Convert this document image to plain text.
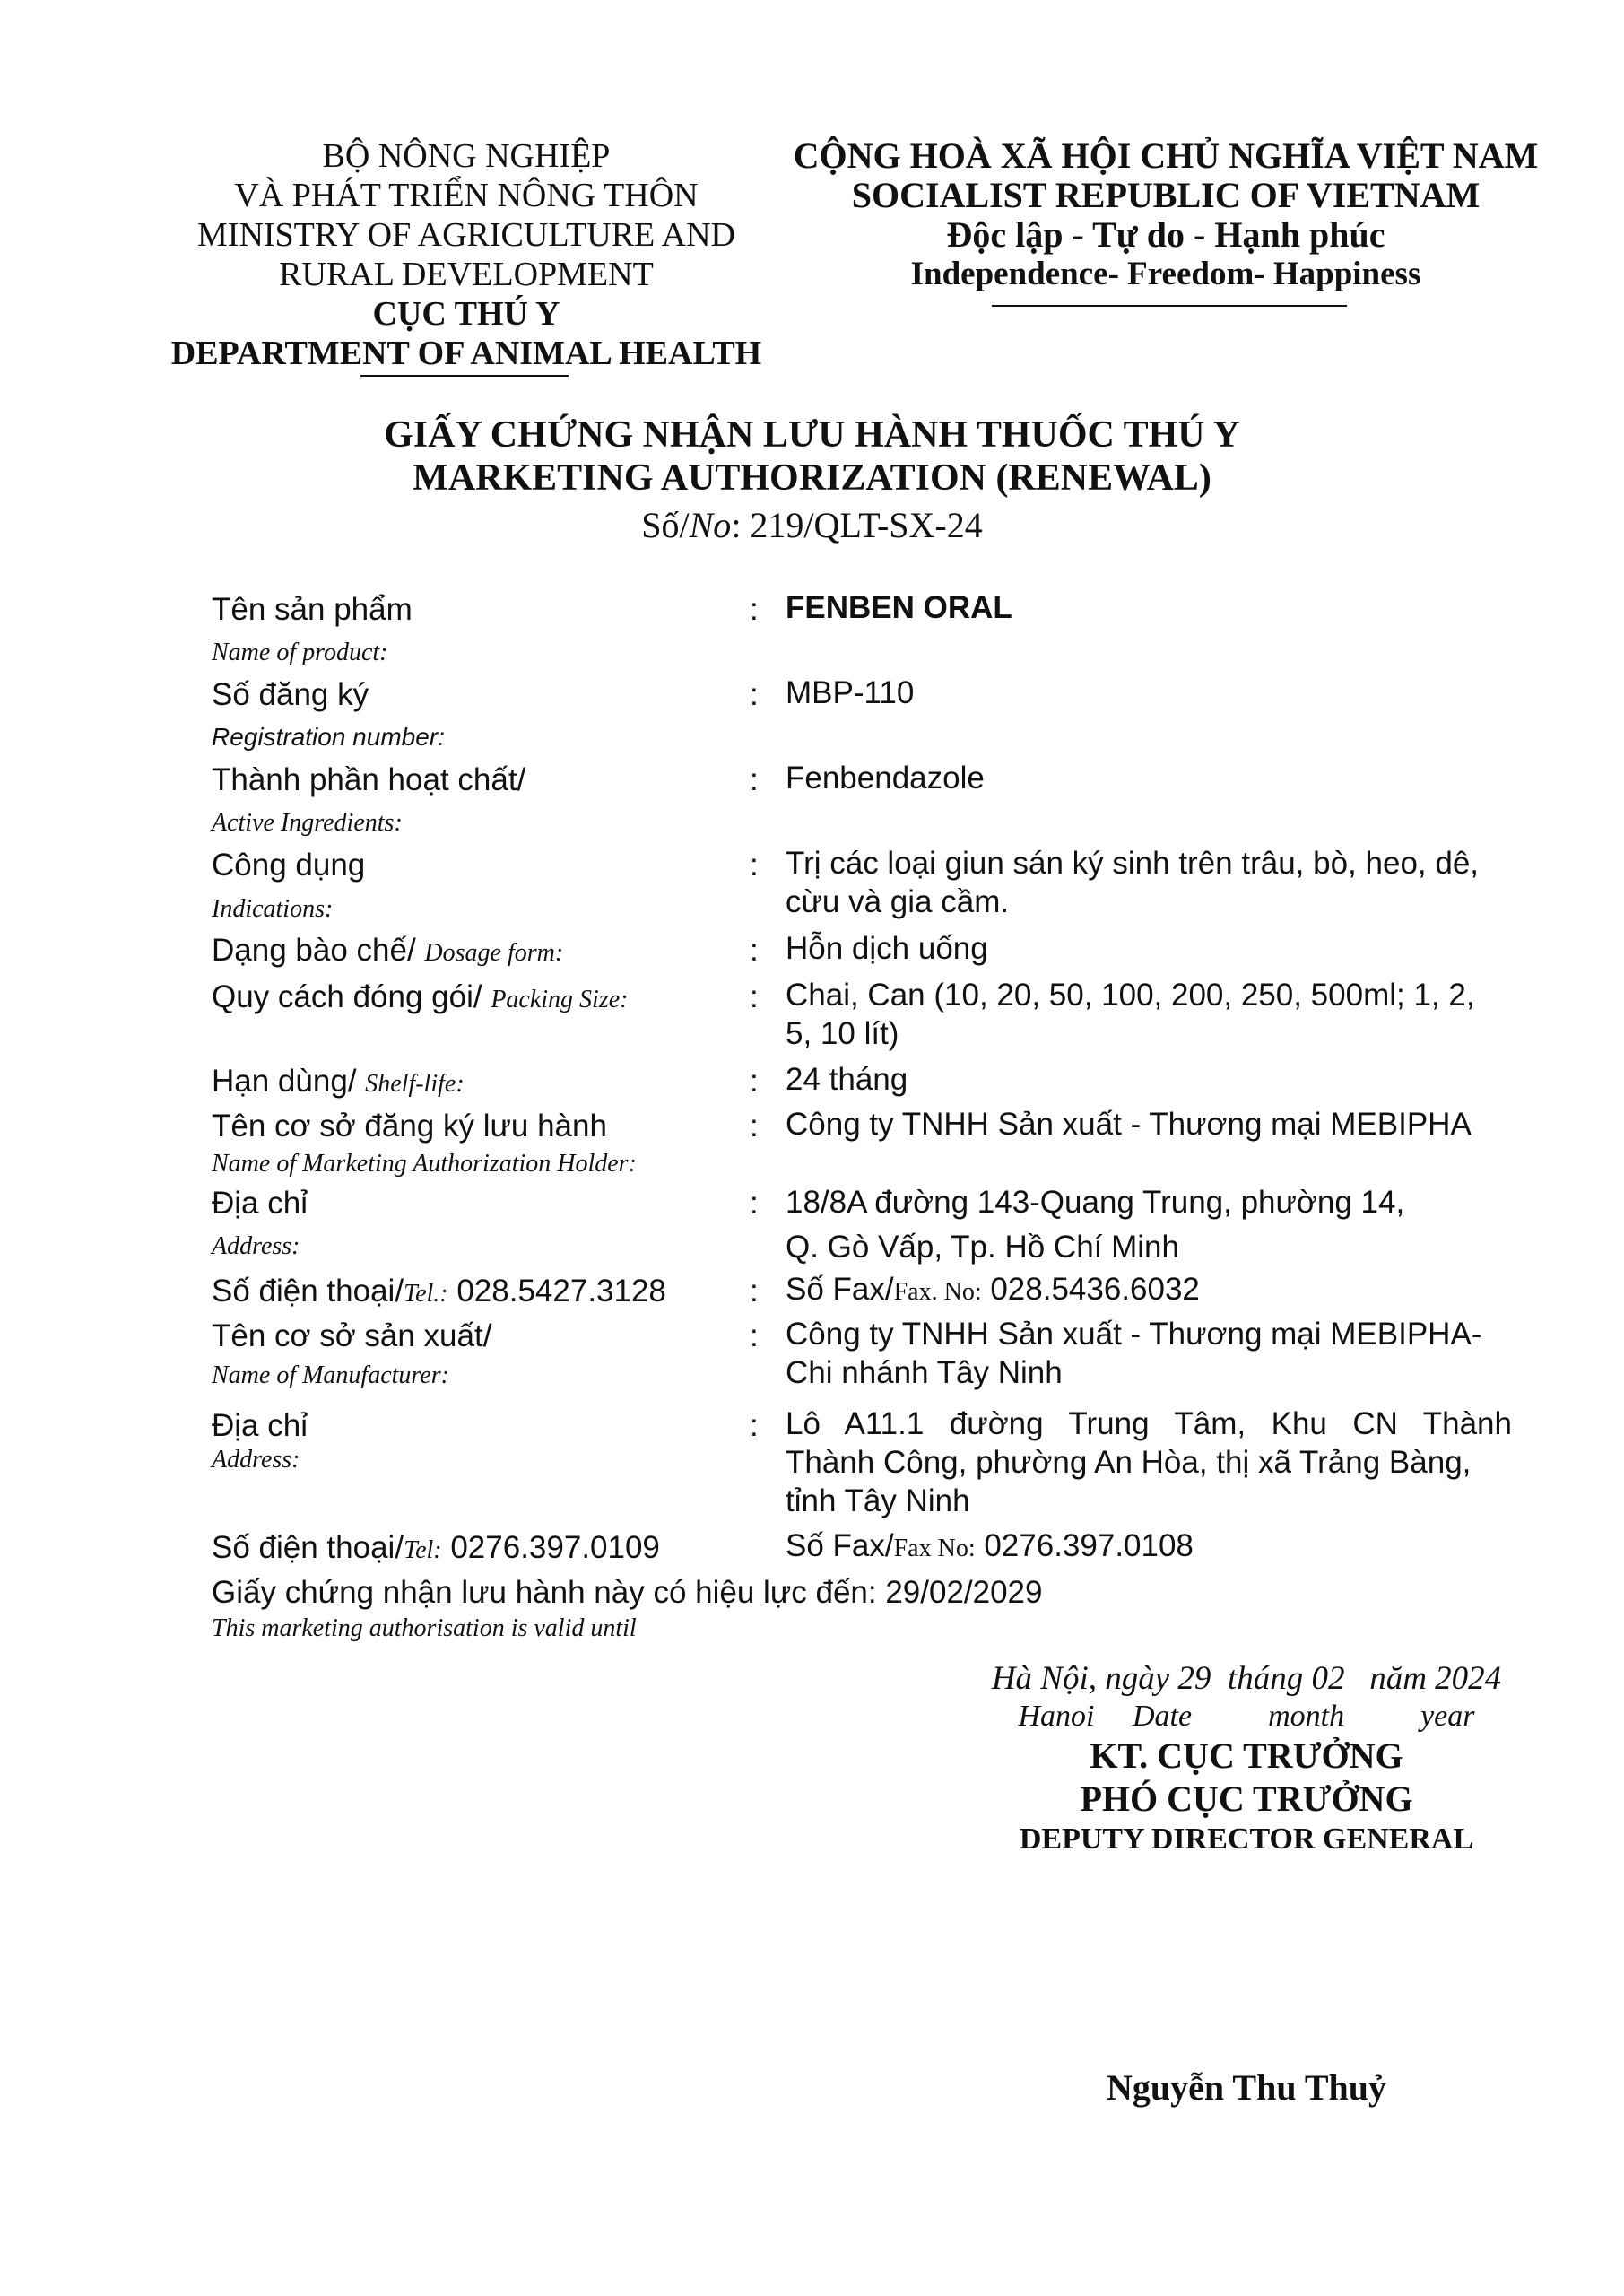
BỘ NÔNG NGHIỆP
VÀ PHÁT TRIỂN NÔNG THÔN
MINISTRY OF AGRICULTURE AND
RURAL DEVELOPMENT
CỤC THÚ Y
DEPARTMENT OF ANIMAL HEALTH
CỘNG HOÀ XÃ HỘI CHỦ NGHĨA VIỆT NAM
SOCIALIST REPUBLIC OF VIETNAM
Độc lập - Tự do - Hạnh phúc
Independence- Freedom- Happiness
GIẤY CHỨNG NHẬN LƯU HÀNH THUỐC THÚ Y
MARKETING AUTHORIZATION (RENEWAL)
Số/No: 219/QLT-SX-24
Tên sản phẩm
Name of product:
: FENBEN ORAL
Số đăng ký
Registration number:
: MBP-110
Thành phần hoạt chất/
Active Ingredients:
: Fenbendazole
Công dụng
Indications:
: Trị các loại giun sán ký sinh trên trâu, bò, heo, dê,
cừu và gia cầm.
Dạng bào chế/ Dosage form:	: Hỗn dịch uống
Quy cách đóng gói/ Packing Size:	: Chai, Can (10, 20, 50, 100, 200, 250, 500ml; 1, 2,
5, 10 lít)
Hạn dùng/ Shelf-life:	: 24 tháng
Tên cơ sở đăng ký lưu hành
Name of Marketing Authorization Holder:
: Công ty TNHH Sản xuất - Thương mại MEBIPHA
Địa chỉ
Address:
: 18/8A đường 143-Quang Trung, phường 14,
Q. Gò Vấp, Tp. Hồ Chí Minh
Số điện thoại/Tel.: 028.5427.3128	: Số Fax/Fax. No: 028.5436.6032
Tên cơ sở sản xuất/
Name of Manufacturer:
: Công ty TNHH Sản xuất - Thương mại MEBIPHA-
Chi nhánh Tây Ninh
Địa chỉ
Address:
: Lô A11.1 đường Trung Tâm, Khu CN Thành
Thành Công, phường An Hòa, thị xã Trảng Bàng,
tỉnh Tây Ninh
Số điện thoại/Tel: 0276.397.0109	Số Fax/Fax No: 0276.397.0108
Giấy chứng nhận lưu hành này có hiệu lực đến: 29/02/2029
This marketing authorisation is valid until
Hà Nội, ngày 29  tháng 02   năm 2024
Hanoi     Date          month          year
KT. CỤC TRƯỞNG
PHÓ CỤC TRƯỞNG
DEPUTY DIRECTOR GENERAL
Nguyễn Thu Thuỷ
